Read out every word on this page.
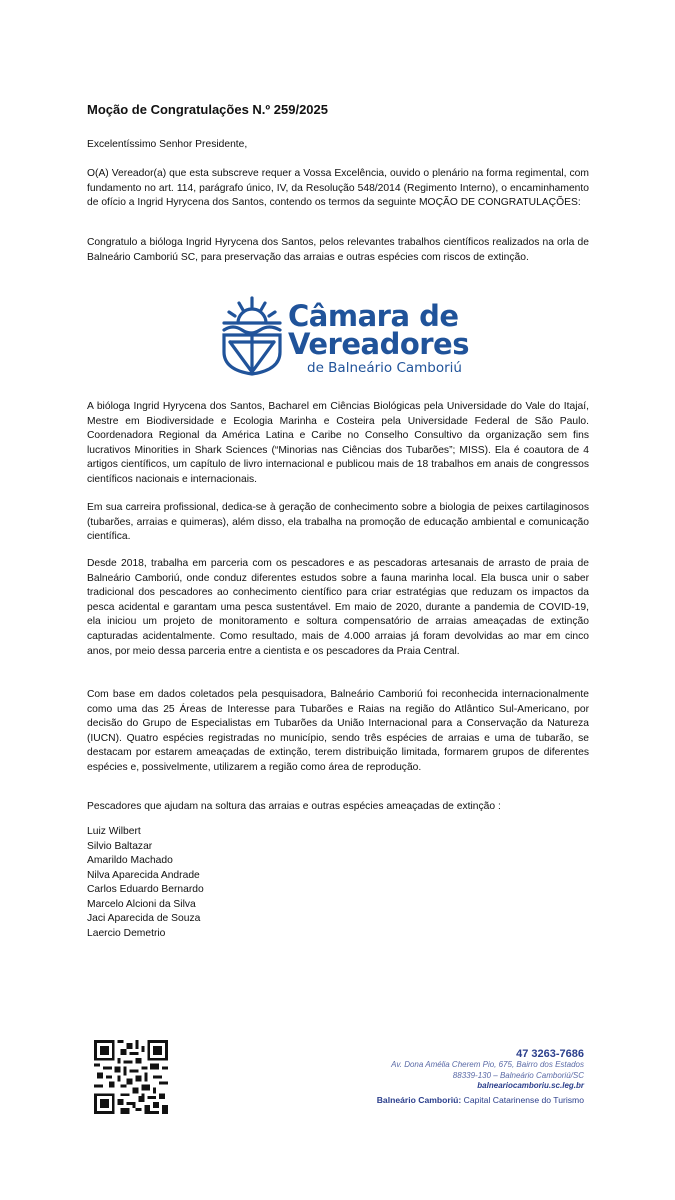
Moção de Congratulações N.º 259/2025

Excelentíssimo Senhor Presidente,

O(A) Vereador(a) que esta subscreve requer a Vossa Excelência, ouvido o plenário na forma regimental, com fundamento no art. 114, parágrafo único, IV, da Resolução 548/2014 (Regimento Interno), o encaminhamento de ofício a Ingrid Hyrycena dos Santos, contendo os termos da seguinte MOÇÃO DE CONGRATULAÇÕES:

Congratulo a bióloga Ingrid Hyrycena dos Santos, pelos relevantes trabalhos científicos realizados na orla de Balneário Camboriú SC, para preservação das arraias e outras espécies com riscos de extinção.

Câmara de
Vereadores
de Balneário Camboriú

A bióloga Ingrid Hyrycena dos Santos, Bacharel em Ciências Biológicas pela Universidade do Vale do Itajaí, Mestre em Biodiversidade e Ecologia Marinha e Costeira pela Universidade Federal de São Paulo. Coordenadora Regional da América Latina e Caribe no Conselho Consultivo da organização sem fins lucrativos Minorities in Shark Sciences (“Minorias nas Ciências dos Tubarões”; MISS). Ela é coautora de 4 artigos científicos, um capítulo de livro internacional e publicou mais de 18 trabalhos em anais de congressos científicos nacionais e internacionais.

Em sua carreira profissional, dedica-se à geração de conhecimento sobre a biologia de peixes cartilaginosos (tubarões, arraias e quimeras), além disso, ela trabalha na promoção de educação ambiental e comunicação científica.

Desde 2018, trabalha em parceria com os pescadores e as pescadoras artesanais de arrasto de praia de Balneário Camboriú, onde conduz diferentes estudos sobre a fauna marinha local. Ela busca unir o saber tradicional dos pescadores ao conhecimento científico para criar estratégias que reduzam os impactos da pesca acidental e garantam uma pesca sustentável. Em maio de 2020, durante a pandemia de COVID-19, ela iniciou um projeto de monitoramento e soltura compensatório de arraias ameaçadas de extinção capturadas acidentalmente. Como resultado, mais de 4.000 arraias já foram devolvidas ao mar em cinco anos, por meio dessa parceria entre a cientista e os pescadores da Praia Central.

Com base em dados coletados pela pesquisadora, Balneário Camboriú foi reconhecida internacionalmente como uma das 25 Áreas de Interesse para Tubarões e Raias na região do Atlântico Sul-Americano, por decisão do Grupo de Especialistas em Tubarões da União Internacional para a Conservação da Natureza (IUCN). Quatro espécies registradas no município, sendo três espécies de arraias e uma de tubarão, se destacam por estarem ameaçadas de extinção, terem distribuição limitada, formarem grupos de diferentes espécies e, possivelmente, utilizarem a região como área de reprodução.

Pescadores que ajudam na soltura das arraias e outras espécies ameaçadas de extinção :

Luiz Wilbert
Silvio Baltazar
Amarildo Machado
Nilva Aparecida Andrade
Carlos Eduardo Bernardo
Marcelo Alcioni da Silva
Jaci Aparecida de Souza
Laercio Demetrio
47 3263-7686
Av. Dona Amélia Cherem Pio, 675, Bairro dos Estados
88339-130 – Balneário Camboriú/SC
balneariocamboriu.sc.leg.br
Balneário Camboriú: Capital Catarinense do Turismo
